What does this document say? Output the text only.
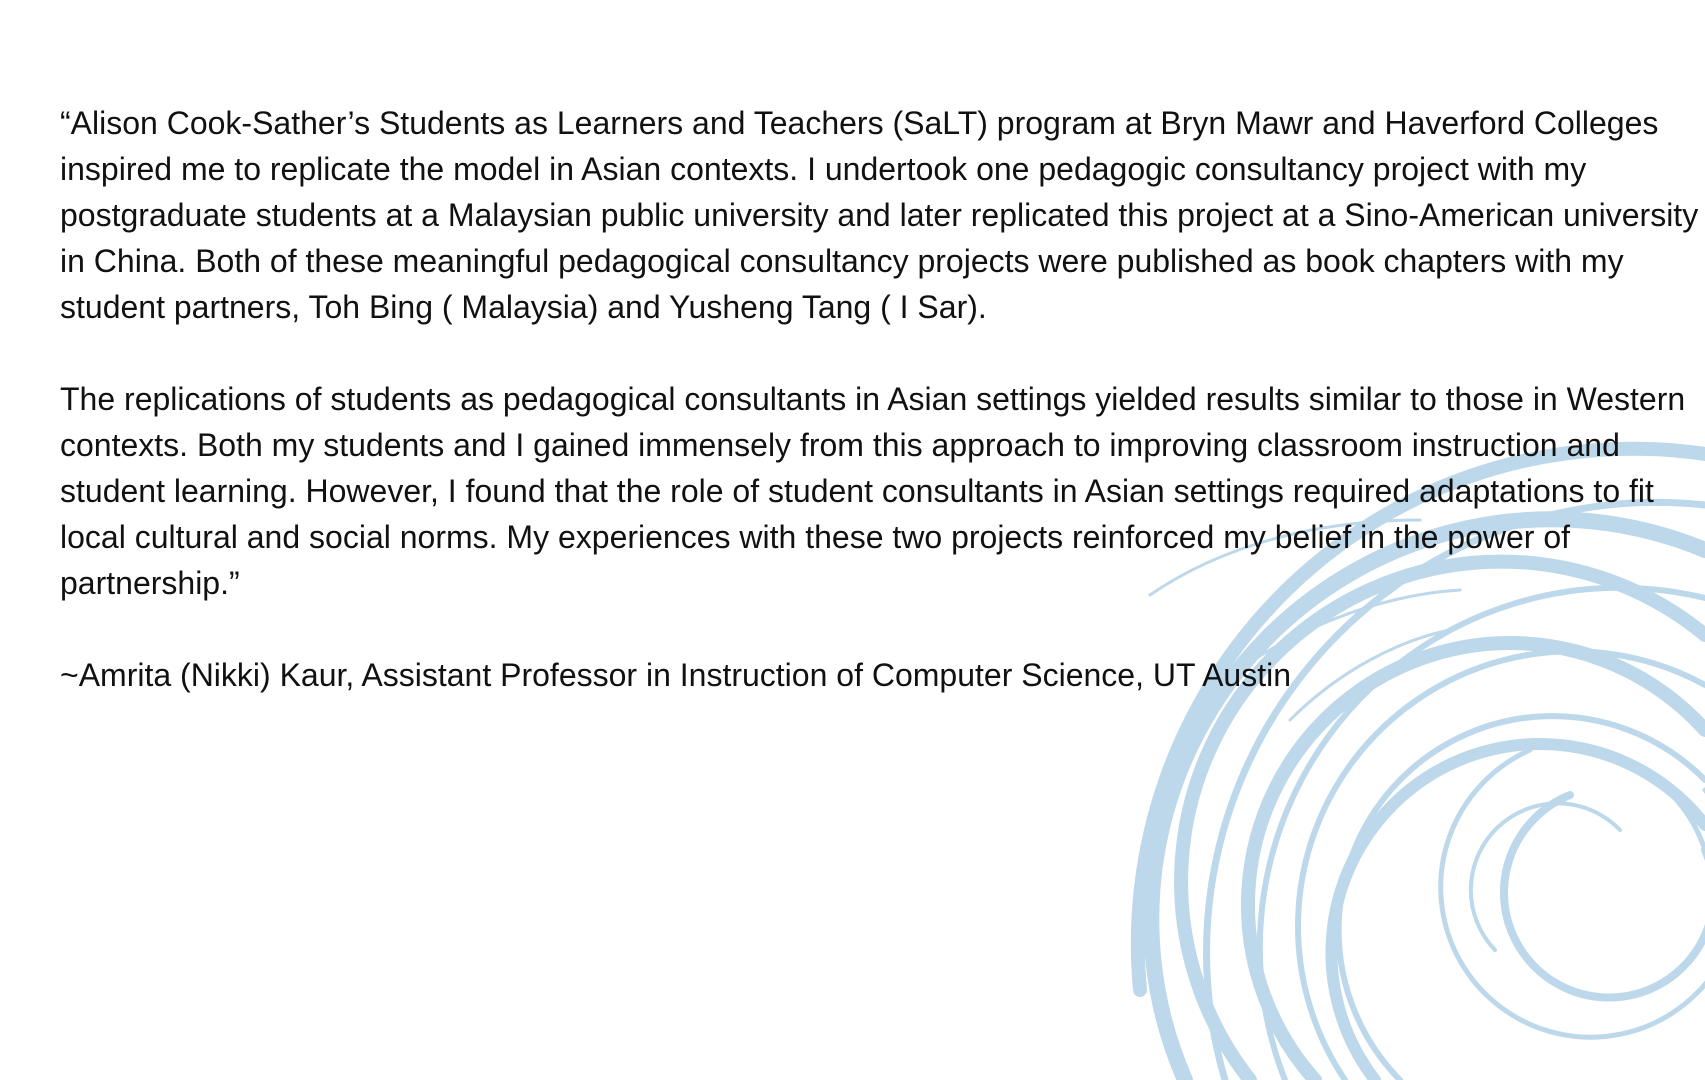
“Alison Cook-Sather’s Students as Learners and Teachers (SaLT) program at Bryn Mawr and Haverford Colleges inspired me to replicate the model in Asian contexts. I undertook one pedagogic consultancy project with my postgraduate students at a Malaysian public university and later replicated this project at a Sino-American university in China. Both of these meaningful pedagogical consultancy projects were published as book chapters with my student partners, Toh Bing ( Malaysia) and Yusheng Tang ( I Sar).

The replications of students as pedagogical consultants in Asian settings yielded results similar to those in Western contexts. Both my students and I gained immensely from this approach to improving classroom instruction and student learning. However, I found that the role of student consultants in Asian settings required adaptations to fit local cultural and social norms. My experiences with these two projects reinforced my belief in the power of partnership.”

~Amrita (Nikki) Kaur, Assistant Professor in Instruction of Computer Science, UT Austin
